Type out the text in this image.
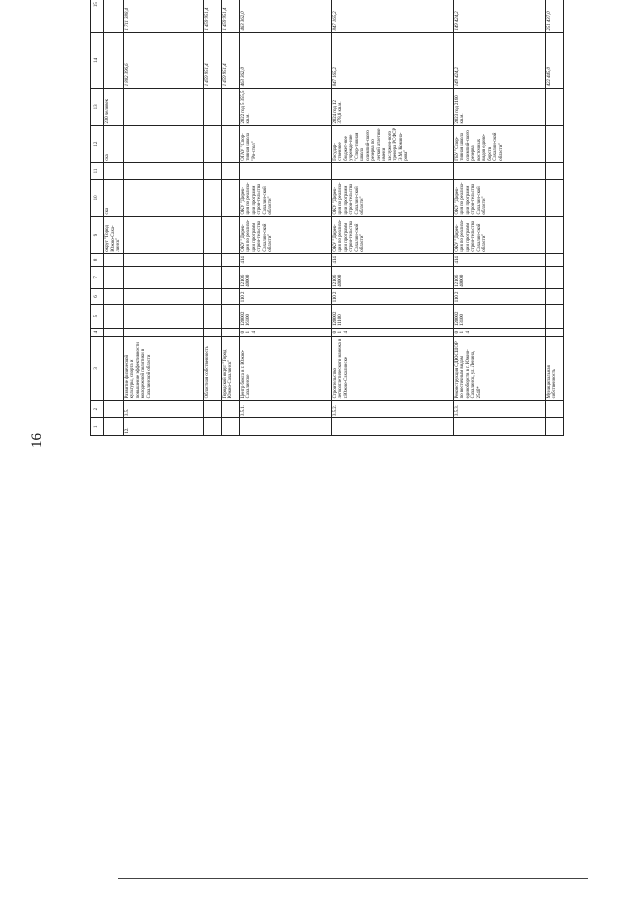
16
1	2	3	4	5	6	7	8	9	10	11	12	13	14	15							
								округ "Город Южно-Саха-линск"	ска		ска	230 человек									
12.	3.5.	Развитие физической культуры, спорта и повышение эффективности молодежной политики в Сахалинской области											1 882 396,6	1 711 388,4							
		Областная собственность											1 459 951,4	1 459 951,4							
		Городской округ "Город Южно-Сахалинск"											1 459 951,4	1 459 951,4							
	3.5.1.	Центр бокса в г. Южно-Сахалинске	0 1 4	120002 16100	110 2	12106 40000	414	ОКУ "Дирек-ция по реализа-ции программ строи-тельства Сахалин-ской области"	ОКУ "Дирек-ция по реализа-ции программ строи-тельства Сахалин-ской области"		ОГАУ "Спор-тивная школа "Ро-стол"	2022 год 5 355,5 кв.м.	463 362,0	463 362,0							
	3.5.2.	Строительство легкоатлетического манежа в г.Южно-Сахалинске	0 1 4	120002 11100	110 2	12106 40000	414	ОКУ "Дирек-ция по реализа-ции программ строи-тельства Сахалин-ской области"	ОКУ "Дирек-ция по реализа-ции программ строи-тельства Сахалин-ской области"		Государ-ственное бюджет-ное учрежде-ние "Спор-тивная школа олимпий-ского резерва по легкой атлетике имени заслужен-ного тренера РСФСР Э.М. Комина-рова"	2024 год 12 378,8 кв.м.	847 165,2	847 165,2							
	3.5.3.	Реконструкция СДЮСШОР по восточным видам единоборств в г. Южно-Сахалинск, ул. Ленина, 254б*	0 1 4	120002 13100	110 2	12106 40000	414	ОКУ "Дирек-ция по реализа-ции программ строи-тельства Сахалин-ской области"	ОКУ "Дирек-ция по реализа-ции программ строи-тельства Сахалин-ской области"		ГБУ "Спор-тивная школа олимпий-ского резерва восточных видов едино-борств Сахалин-ской области"	2023 год 2160 кв.м.	149 424,2	149 424,2							
		Муниципальная собственность											422 445,0	251 437,0							
